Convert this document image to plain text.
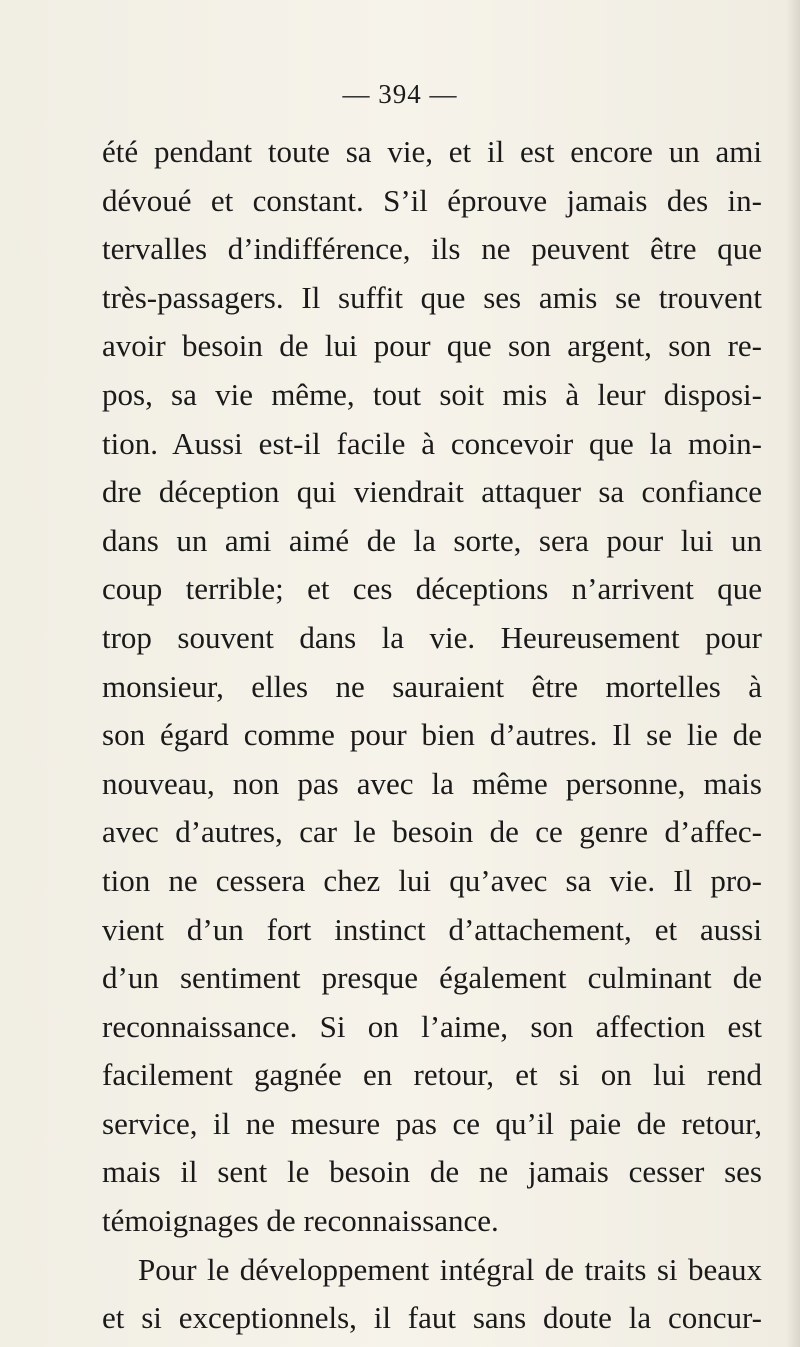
— 394 —
été pendant toute sa vie, et il est encore un ami
dévoué et constant. S’il éprouve jamais des in-
tervalles d’indifférence, ils ne peuvent être que
très-passagers. Il suffit que ses amis se trouvent
avoir besoin de lui pour que son argent, son re-
pos, sa vie même, tout soit mis à leur disposi-
tion. Aussi est-il facile à concevoir que la moin-
dre déception qui viendrait attaquer sa confiance
dans un ami aimé de la sorte, sera pour lui un
coup terrible; et ces déceptions n’arrivent que
trop souvent dans la vie. Heureusement pour
monsieur, elles ne sauraient être mortelles à
son égard comme pour bien d’autres. Il se lie de
nouveau, non pas avec la même personne, mais
avec d’autres, car le besoin de ce genre d’affec-
tion ne cessera chez lui qu’avec sa vie. Il pro-
vient d’un fort instinct d’attachement, et aussi
d’un sentiment presque également culminant de
reconnaissance. Si on l’aime, son affection est
facilement gagnée en retour, et si on lui rend
service, il ne mesure pas ce qu’il paie de retour,
mais il sent le besoin de ne jamais cesser ses
témoignages de reconnaissance.
Pour le développement intégral de traits si beaux
et si exceptionnels, il faut sans doute la concur-
